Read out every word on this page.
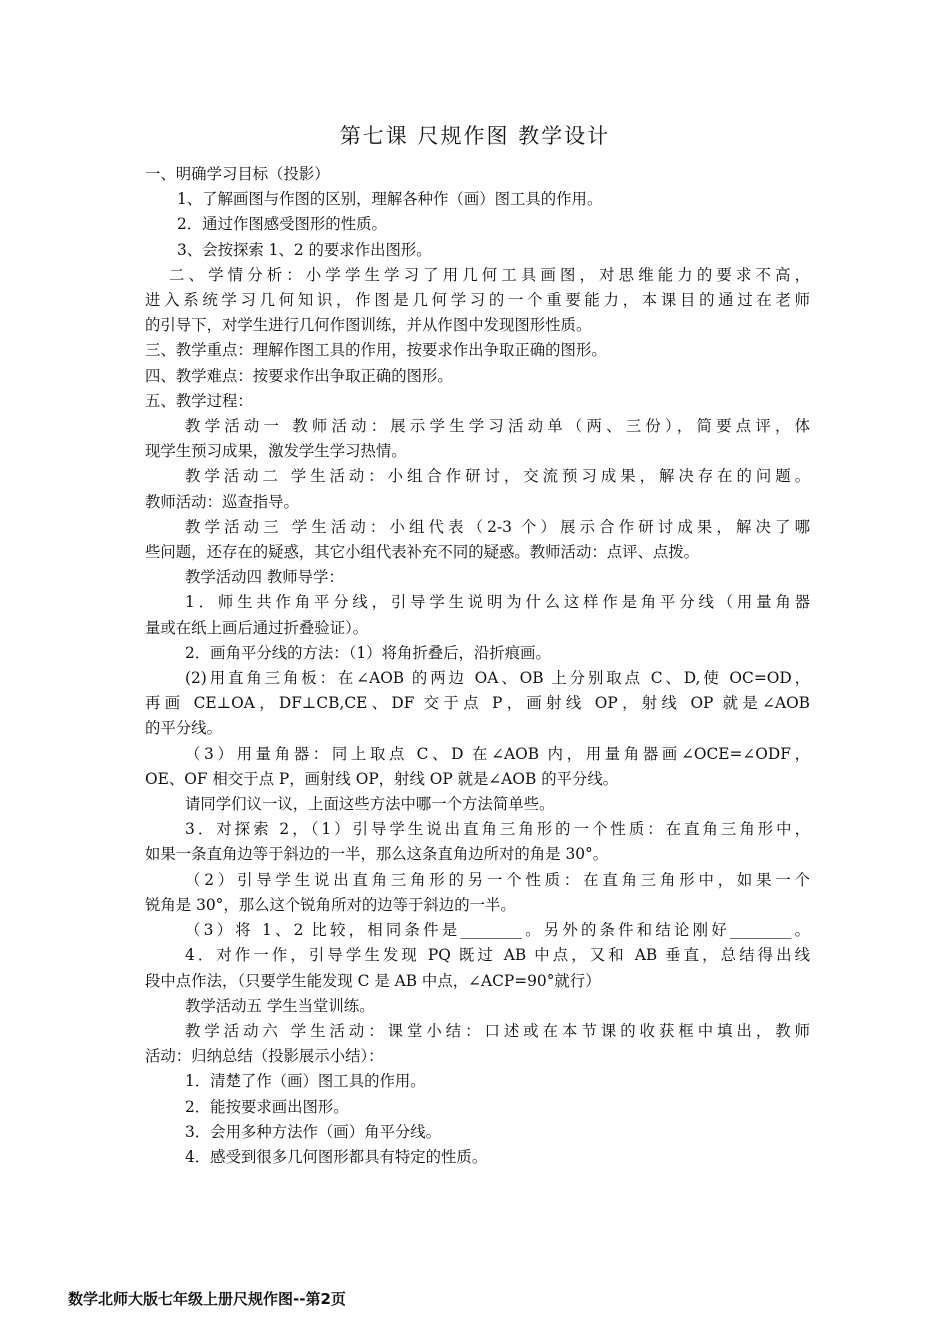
第七课 尺规作图 教学设计

一、明确学习目标（投影）

1、了解画图与作图的区别，理解各种作（画）图工具的作用。

2．通过作图感受图形的性质。

3、会按探索 1、2 的要求作出图形。

二、学情分析：小学学生学习了用几何工具画图，对思维能力的要求不高，

进入系统学习几何知识，作图是几何学习的一个重要能力，本课目的通过在老师

的引导下，对学生进行几何作图训练，并从作图中发现图形性质。

三、教学重点：理解作图工具的作用，按要求作出争取正确的图形。

四、教学难点：按要求作出争取正确的图形。

五、教学过程：

教学活动一 教师活动：展示学生学习活动单（两、三份），简要点评，体

现学生预习成果，激发学生学习热情。

教学活动二 学生活动：小组合作研讨，交流预习成果，解决存在的问题。

教师活动：巡查指导。

教学活动三 学生活动：小组代表（2-3 个）展示合作研讨成果，解决了哪

些问题，还存在的疑惑，其它小组代表补充不同的疑惑。教师活动：点评、点拨。

教学活动四 教师导学：

1．师生共作角平分线，引导学生说明为什么这样作是角平分线（用量角器

量或在纸上画后通过折叠验证）。

2．画角平分线的方法：（1）将角折叠后，沿折痕画。

(2)用直角三角板：在∠AOB 的两边 OA、OB 上分别取点 C、D,使 OC=OD，

再画 CE⊥OA，DF⊥CB,CE、DF 交于点 P，画射线 OP，射线 OP 就是∠AOB

的平分线。

（3）用量角器：同上取点 C、D 在∠AOB 内，用量角器画∠OCE=∠ODF，

OE、OF 相交于点 P，画射线 OP，射线 OP 就是∠AOB 的平分线。

请同学们议一议，上面这些方法中哪一个方法简单些。

3．对探索 2，（1）引导学生说出直角三角形的一个性质：在直角三角形中，

如果一条直角边等于斜边的一半，那么这条直角边所对的角是 30°。

（2）引导学生说出直角三角形的另一个性质：在直角三角形中，如果一个

锐角是 30°，那么这个锐角所对的边等于斜边的一半。

（3）将 1、2 比较，相同条件是________。另外的条件和结论刚好________。

4．对作一作，引导学生发现 PQ 既过 AB 中点，又和 AB 垂直，总结得出线

段中点作法，（只要学生能发现 C 是 AB 中点，∠ACP=90°就行）

教学活动五 学生当堂训练。

教学活动六 学生活动：课堂小结：口述或在本节课的收获框中填出，教师

活动：归纳总结（投影展示小结）：

1．清楚了作（画）图工具的作用。

2．能按要求画出图形。

3．会用多种方法作（画）角平分线。

4．感受到很多几何图形都具有特定的性质。

数学北师大版七年级上册尺规作图--第2页
